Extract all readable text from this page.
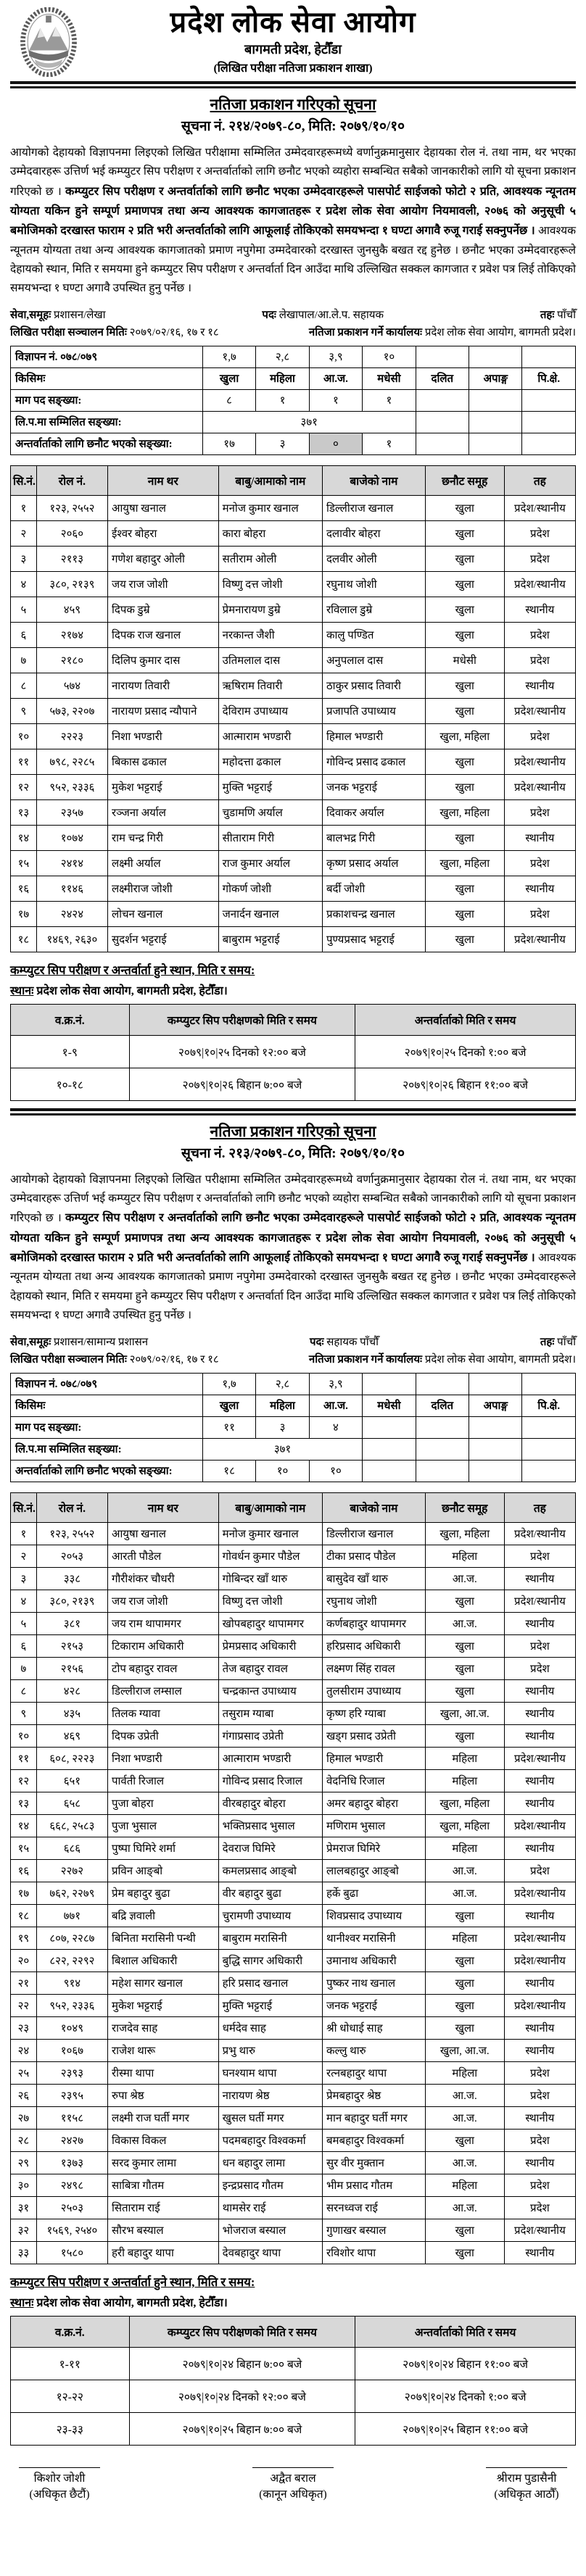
प्रदेश लोक सेवा आयोग
बागमती प्रदेश, हेटौँडा
(लिखित परीक्षा नतिजा प्रकाशन शाखा)
नतिजा प्रकाशन गरिएको सूचना
सूचना नं. २१४/२०७९-८०, मिति: २०७९/१०/१०
आयोगको देहायको विज्ञापनमा लिइएको लिखित परीक्षामा सम्मिलित उम्मेदवारहरूमध्ये वर्णानुक्रमानुसार देहायका रोल नं. तथा नाम, थर भएका उम्मेदवारहरू उत्तिर्ण भई कम्प्युटर सिप परीक्षण र अन्तर्वार्ताको लागि छनौट भएको व्यहोरा सम्बन्धित सबैको जानकारीको लागि यो सूचना प्रकाशन गरिएको छ । कम्प्युटर सिप परीक्षण र अन्तर्वार्ताको लागि छनौट भएका उम्मेदवारहरूले पासपोर्ट साईजको फोटो २ प्रति, आवश्यक न्यूनतम योग्यता यकिन हुने सम्पूर्ण प्रमाणपत्र तथा अन्य आवश्यक कागजातहरू र प्रदेश लोक सेवा आयोग नियमावली, २०७६ को अनुसूची ५ बमोजिमको दरखास्त फाराम २ प्रति भरी अन्तर्वार्ताको लागि आफूलाई तोकिएको समयभन्दा १ घण्टा अगावै रुजू गराई सक्नुपर्नेछ । आवश्यक न्यूनतम योग्यता तथा अन्य आवश्यक कागजातको प्रमाण नपुगेमा उम्मदेवारको दरखास्त जुनसुकै बखत रद्द हुनेछ । छनौट भएका उम्मेदवारहरूले देहायको स्थान, मिति र समयमा हुने कम्प्युटर सिप परीक्षण र अन्तर्वार्ता दिन आउँदा माथि उल्लिखित सक्कल कागजात र प्रवेश पत्र लिई तोकिएको समयभन्दा १ घण्टा अगावै उपस्थित हुनु पर्नेछ ।
सेवा,समूहः प्रशासन/लेखा	पदः लेखापाल/आ.ले.प. सहायक	तहः पाँचौँ
लिखित परीक्षा सञ्चालन मितिः २०७९/०२/१६, १७ र १८	नतिजा प्रकाशन गर्ने कार्यालयः प्रदेश लोक सेवा आयोग, बागमती प्रदेश।
विज्ञापन नं. ०७८/०७९	१,७	२,८	३,९	१०			
किसिमः	खुला	महिला	आ.ज.	मधेसी	दलित	अपाङ्ग	पि.क्षे.
माग पद सङ्ख्या:	८	१	१	१			
लि.प.मा सम्मिलित सङ्ख्या:	३७१						
अन्तर्वार्ताको लागि छनौट भएको सङ्ख्या:	१७	३	०	१			
सि.नं.	रोल नं.	नाम थर	बाबु/आमाको नाम	बाजेको नाम	छनौट समूह	तह
१	१२३, २५५२	आयुषा खनाल	मनोज कुमार खनाल	डिल्लीराज खनाल	खुला	प्रदेश/स्थानीय
२	२०६०	ईश्वर बोहरा	कारा बोहरा	दलावीर बोहरा	खुला	प्रदेश
३	२११३	गणेश बहादुर ओली	सतीराम ओली	दलवीर ओली	खुला	प्रदेश
४	३८०, २१३९	जय राज जोशी	विष्णु दत्त जोशी	रघुनाथ जोशी	खुला	प्रदेश/स्थानीय
५	४५९	दिपक डुम्रे	प्रेमनारायण डुम्रे	रविलाल डुम्रे	खुला	स्थानीय
६	२१७४	दिपक राज खनाल	नरकान्त जैशी	कालु पण्डित	खुला	प्रदेश
७	२१८०	दिलिप कुमार दास	उतिमलाल दास	अनुपलाल दास	मधेसी	प्रदेश
८	५७४	नारायण तिवारी	ऋषिराम तिवारी	ठाकुर प्रसाद तिवारी	खुला	स्थानीय
९	५७३, २२०७	नारायण प्रसाद न्यौपाने	देविराम उपाध्याय	प्रजापति उपाध्याय	खुला	प्रदेश/स्थानीय
१०	२२२३	निशा भण्डारी	आत्माराम भण्डारी	हिमाल भण्डारी	खुला, महिला	प्रदेश
११	७९८, २२८५	बिकास ढकाल	महोदत्ता ढकाल	गोविन्द प्रसाद ढकाल	खुला	प्रदेश/स्थानीय
१२	९५२, २३३६	मुकेश भट्टराई	मुक्ति भट्टराई	जनक भट्टराई	खुला	प्रदेश/स्थानीय
१३	२३५७	रञ्जना अर्याल	चुडामणि अर्याल	दिवाकर अर्याल	खुला, महिला	प्रदेश
१४	१०७४	राम चन्द्र गिरी	सीताराम गिरी	बालभद्र गिरी	खुला	स्थानीय
१५	२४१४	लक्ष्मी अर्याल	राज कुमार अर्याल	कृष्ण प्रसाद अर्याल	खुला, महिला	प्रदेश
१६	११४६	लक्ष्मीराज जोशी	गोकर्ण जोशी	बर्दी जोशी	खुला	स्थानीय
१७	२४२४	लोचन खनाल	जनार्दन खनाल	प्रकाशचन्द्र खनाल	खुला	प्रदेश
१८	१४६९, २६३०	सुदर्शन भट्टराई	बाबुराम भट्टराई	पुण्यप्रसाद भट्टराई	खुला	प्रदेश/स्थानीय
कम्प्युटर सिप परीक्षण र अन्तर्वार्ता हुने स्थान, मिति र समय:
स्थानः प्रदेश लोक सेवा आयोग, बागमती प्रदेश, हेटौँडा।
व.क्र.नं.	कम्प्युटर सिप परीक्षणको मिति र समय	अन्तर्वार्ताको मिति र समय
१-९	२०७९|१०|२५ दिनको १२:०० बजे	२०७९|१०|२५ दिनको १:०० बजे
१०-१८	२०७९|१०|२६ बिहान ७:०० बजे	२०७९|१०|२६ बिहान ११:०० बजे
नतिजा प्रकाशन गरिएको सूचना
सूचना नं. २१३/२०७९-८०, मिति: २०७९/१०/१०
आयोगको देहायको विज्ञापनमा लिइएको लिखित परीक्षामा सम्मिलित उम्मेदवारहरूमध्ये वर्णानुक्रमानुसार देहायका रोल नं. तथा नाम, थर भएका उम्मेदवारहरू उत्तिर्ण भई कम्प्युटर सिप परीक्षण र अन्तर्वार्ताको लागि छनौट भएको व्यहोरा सम्बन्धित सबैको जानकारीको लागि यो सूचना प्रकाशन गरिएको छ । कम्प्युटर सिप परीक्षण र अन्तर्वार्ताको लागि छनौट भएका उम्मेदवारहरूले पासपोर्ट साईजको फोटो २ प्रति, आवश्यक न्यूनतम योग्यता यकिन हुने सम्पूर्ण प्रमाणपत्र तथा अन्य आवश्यक कागजातहरू र प्रदेश लोक सेवा आयोग नियमावली, २०७६ को अनुसूची ५ बमोजिमको दरखास्त फाराम २ प्रति भरी अन्तर्वार्ताको लागि आफूलाई तोकिएको समयभन्दा १ घण्टा अगावै रुजू गराई सक्नुपर्नेछ । आवश्यक न्यूनतम योग्यता तथा अन्य आवश्यक कागजातको प्रमाण नपुगेमा उम्मदेवारको दरखास्त जुनसुकै बखत रद्द हुनेछ । छनौट भएका उम्मेदवारहरूले देहायको स्थान, मिति र समयमा हुने कम्प्युटर सिप परीक्षण र अन्तर्वार्ता दिन आउँदा माथि उल्लिखित सक्कल कागजात र प्रवेश पत्र लिई तोकिएको समयभन्दा १ घण्टा अगावै उपस्थित हुनु पर्नेछ ।
सेवा,समूहः प्रशासन/सामान्य प्रशासन	पदः सहायक पाँचौँ	तहः पाँचौँ
लिखित परीक्षा सञ्चालन मितिः २०७९/०२/१६, १७ र १८	नतिजा प्रकाशन गर्ने कार्यालयः प्रदेश लोक सेवा आयोग, बागमती प्रदेश।
विज्ञापन नं. ०७८/०७९	१,७	२,८	३,९				
किसिमः	खुला	महिला	आ.ज.	मधेसी	दलित	अपाङ्ग	पि.क्षे.
माग पद सङ्ख्या:	११	३	४				
लि.प.मा सम्मिलित सङ्ख्या:	३७१						
अन्तर्वार्ताको लागि छनौट भएको सङ्ख्या:	१८	१०	१०				
सि.नं.	रोल नं.	नाम थर	बाबु/आमाको नाम	बाजेको नाम	छनौट समूह	तह
१	१२३, २५५२	आयुषा खनाल	मनोज कुमार खनाल	डिल्लीराज खनाल	खुला, महिला	प्रदेश/स्थानीय
२	२०५३	आरती पौडेल	गोवर्धन कुमार पौडेल	टीका प्रसाद पौडेल	महिला	प्रदेश
३	३३८	गौरीशंकर चौधरी	गोबिन्दर खाँ थारु	बासुदेव खाँ थारु	आ.ज.	स्थानीय
४	३८०, २१३९	जय राज जोशी	विष्णु दत्त जोशी	रघुनाथ जोशी	खुला	प्रदेश/स्थानीय
५	३८१	जय राम थापामगर	खोपबहादुर थापामगर	कर्णबहादुर थापामगर	आ.ज.	स्थानीय
६	२१५३	टिकाराम अधिकारी	प्रेमप्रसाद अधिकारी	हरिप्रसाद अधिकारी	खुला	प्रदेश
७	२१५६	टोप बहादुर रावल	तेज बहादुर रावल	लक्ष्मण सिंह रावल	खुला	प्रदेश
८	४२८	डिल्लीराज लम्साल	चन्द्रकान्त उपाध्याय	तुलसीराम उपाध्याय	खुला	स्थानीय
९	४३५	तिलक ग्यावा	तसुराम ग्याबा	कृष्ण हरि ग्याबा	खुला, आ.ज.	स्थानीय
१०	४६९	दिपक उप्रेती	गंगाप्रसाद उप्रेती	खड्ग प्रसाद उप्रेती	खुला	स्थानीय
११	६०८, २२२३	निशा भण्डारी	आत्माराम भण्डारी	हिमाल भण्डारी	महिला	प्रदेश/स्थानीय
१२	६५१	पार्वती रिजाल	गोविन्द प्रसाद रिजाल	वेदनिधि रिजाल	महिला	स्थानीय
१३	६५८	पुजा बोहरा	वीरबहादुर बोहरा	अमर बहादुर बोहरा	खुला, महिला	स्थानीय
१४	६६८, २५८३	पुजा भुसाल	भक्तिप्रसाद भुसाल	मणिराम भुसाल	खुला, महिला	प्रदेश/स्थानीय
१५	६८६	पुष्पा घिमिरे शर्मा	देवराज घिमिरे	प्रेमराज घिमिरे	महिला	स्थानीय
१६	२२७२	प्रविन आङ्बो	कमलप्रसाद आङ्बो	लालबहादुर आङ्बो	आ.ज.	प्रदेश
१७	७६२, २२७९	प्रेम बहादुर बुढा	वीर बहादुर बुढा	हर्के बुढा	आ.ज.	प्रदेश/स्थानीय
१८	७७१	बद्रि ज्ञवाली	चुरामणी उपाध्याय	शिवप्रसाद उपाध्याय	खुला	स्थानीय
१९	८०७, २२८७	बिनिता मरासिनी पन्थी	बाबुराम मरासिनी	थानीश्वर मरासिनी	महिला	प्रदेश/स्थानीय
२०	८२२, २२९२	बिशाल अधिकारी	बुद्धि सागर अधिकारी	उमानाथ अधिकारी	खुला	प्रदेश/स्थानीय
२१	९१४	महेश सागर खनाल	हरि प्रसाद खनाल	पुष्कर नाथ खनाल	खुला	स्थानीय
२२	९५२, २३३६	मुकेश भट्टराई	मुक्ति भट्टराई	जनक भट्टराई	खुला	प्रदेश/स्थानीय
२३	१०४९	राजदेव साह	धर्मदेव साह	श्री धोधाई साह	खुला	स्थानीय
२४	१०६७	राजेश थारू	प्रभु थारु	कल्लु थारु	खुला, आ.ज.	स्थानीय
२५	२३९३	रीस्मा थापा	घनश्याम थापा	रत्नबहादुर थापा	महिला	प्रदेश
२६	२३९५	रुपा श्रेष्ठ	नारायण श्रेष्ठ	प्रेमबहादुर श्रेष्ठ	आ.ज.	प्रदेश
२७	११५८	लक्ष्मी राज घर्ती मगर	खुसल घर्ती मगर	मान बहादुर घर्ती मगर	आ.ज.	स्थानीय
२८	२४२७	विकास विकल	पदमबहादुर विश्वकर्मा	बमबहादुर विश्वकर्मा	खुला	प्रदेश
२९	१३७३	सरद कुमार लामा	धन बहादुर लामा	सुर वीर मुक्तान	आ.ज.	स्थानीय
३०	२४९८	साबित्रा गौतम	इन्द्रप्रसाद गौतम	भीम प्रसाद गौतम	महिला	प्रदेश
३१	२५०३	सिताराम राई	थामसेर राई	सरनध्वज राई	आ.ज.	प्रदेश
३२	१५६९, २५४०	सौरभ बस्याल	भोजराज बस्याल	गुणाखर बस्याल	खुला	प्रदेश/स्थानीय
३३	१५८०	हरी बहादुर थापा	देवबहादुर थापा	रविशोर थापा	खुला	स्थानीय
कम्प्युटर सिप परीक्षण र अन्तर्वार्ता हुने स्थान, मिति र समय:
स्थानः प्रदेश लोक सेवा आयोग, बागमती प्रदेश, हेटौँडा।
व.क्र.नं.	कम्प्युटर सिप परीक्षणको मिति र समय	अन्तर्वार्ताको मिति र समय
१-११	२०७९|१०|२४ बिहान ७:०० बजे	२०७९|१०|२४ बिहान ११:०० बजे
१२-२२	२०७९|१०|२४ दिनको १२:०० बजे	२०७९|१०|२४ दिनको १:०० बजे
२३-३३	२०७९|१०|२५ बिहान ७:०० बजे	२०७९|१०|२५ बिहान ११:०० बजे
किशोर जोशी
(अधिकृत छैटौं)
अद्वैत बराल
(कानून अधिकृत)
श्रीराम पुडासैनी
(अधिकृत आठौँ)
